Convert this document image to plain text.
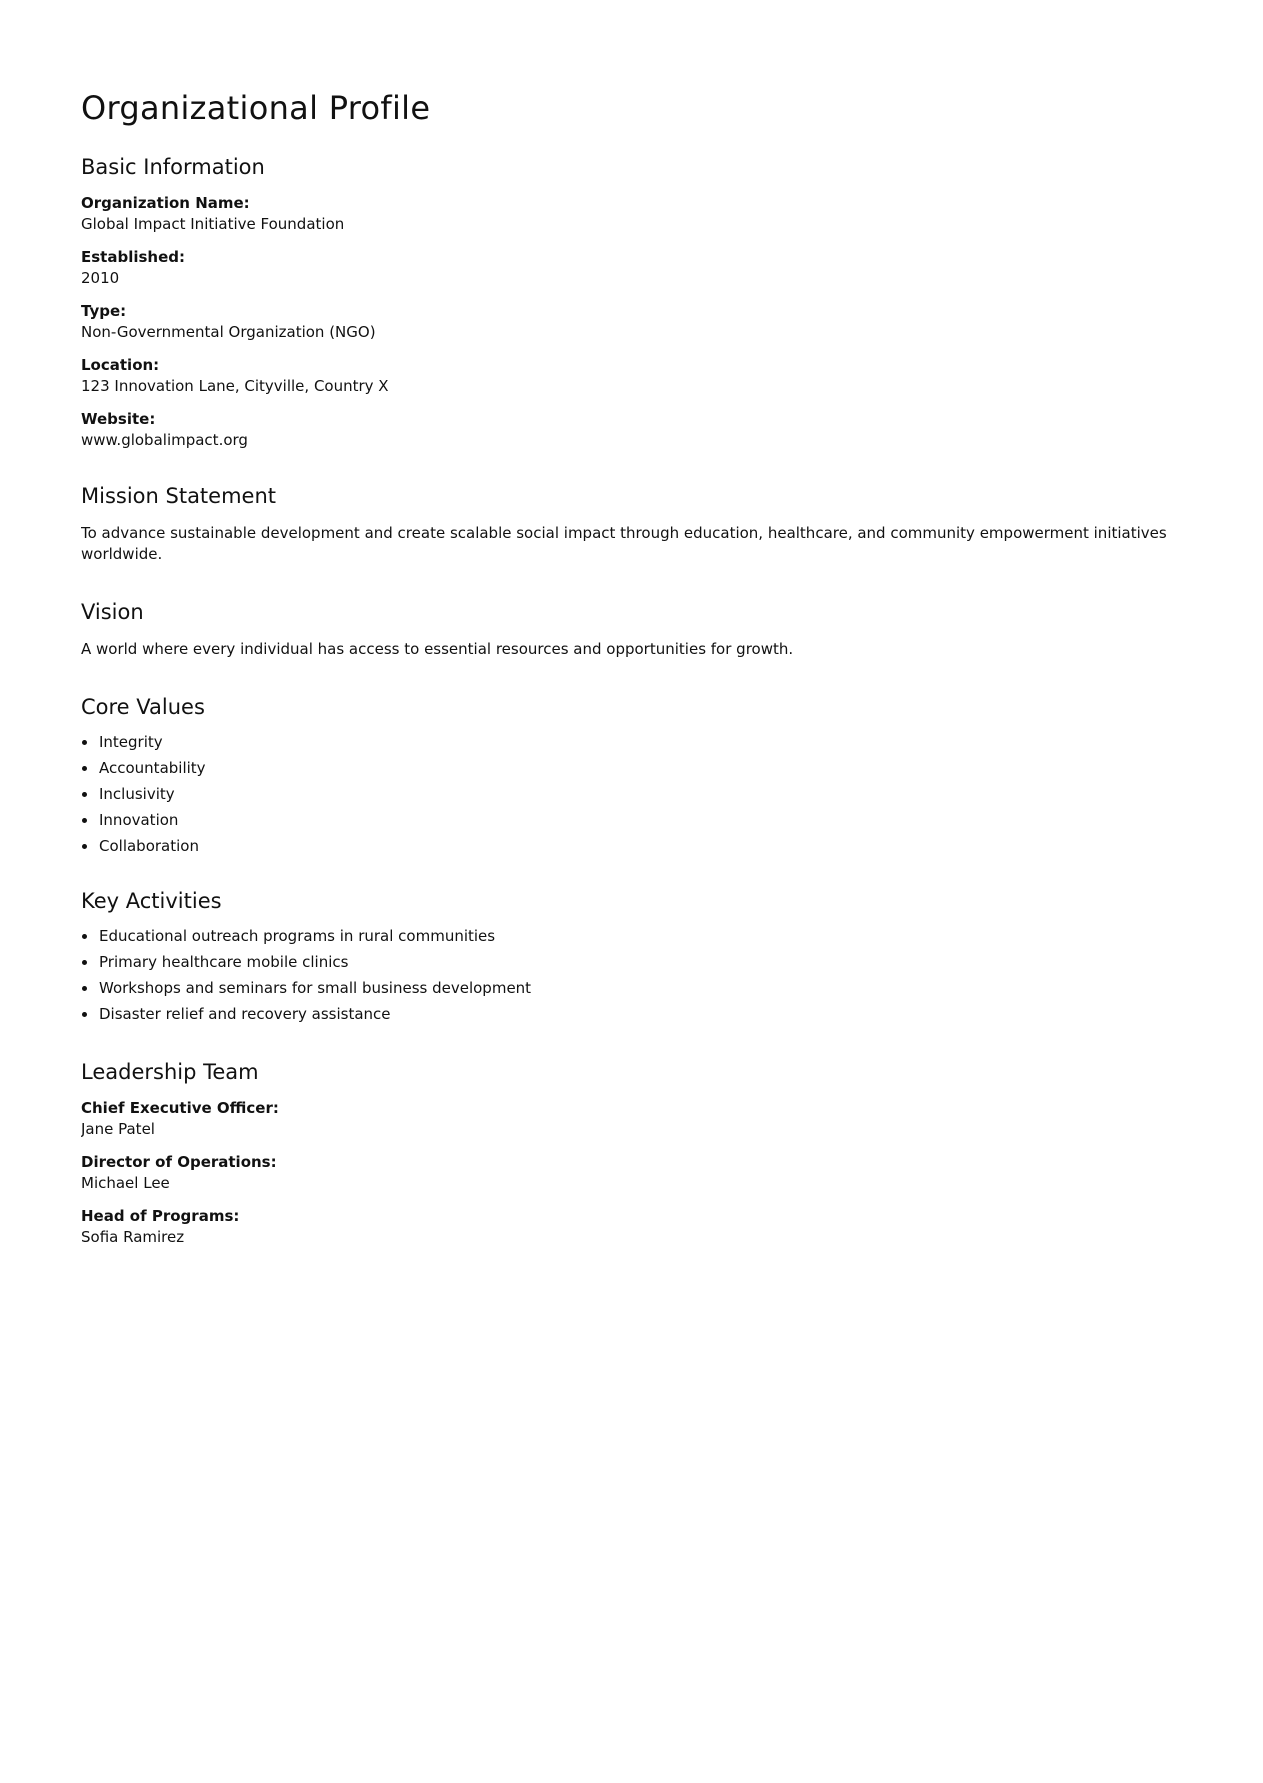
Organizational Profile
Basic Information

Organization Name:

Global Impact Initiative Foundation

Established:

2010

Type:

Non-Governmental Organization (NGO)

Location:

123 Innovation Lane, Cityville, Country X

Website:

www.globalimpact.org

Mission Statement

To advance sustainable development and create scalable social impact through education, healthcare, and community empowerment initiatives worldwide.

Vision

A world where every individual has access to essential resources and opportunities for growth.

Core Values
Integrity
Accountability
Inclusivity
Innovation
Collaboration
Key Activities
Educational outreach programs in rural communities
Primary healthcare mobile clinics
Workshops and seminars for small business development
Disaster relief and recovery assistance
Leadership Team

Chief Executive Officer:

Jane Patel

Director of Operations:

Michael Lee

Head of Programs:

Sofia Ramirez
